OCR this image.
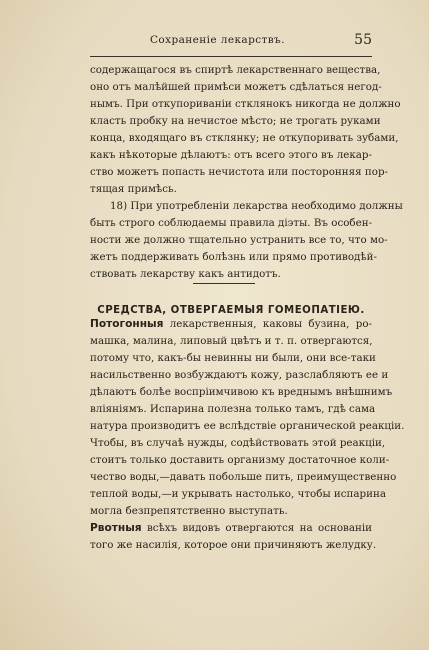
Сохраненіе лекарствъ.	55
содержащагося въ спиртѣ лекарственнаго вещества,
оно отъ малѣйшей примѣси можетъ сдѣлаться негод-
нымъ. При откупориваніи стклянокъ никогда не должно
класть пробку на нечистое мѣсто; не трогать руками
конца, входящаго въ стклянку; не откупоривать зубами,
какъ нѣкоторые дѣлаютъ: отъ всего этого въ лекар-
ство можетъ попасть нечистота или посторонняя пор-
тящая примѣсь.
18) При употребленіи лекарства необходимо должны
быть строго соблюдаемы правила діэты. Въ особен-
ности же должно тщательно устранить все то, что мо-
жетъ поддерживать болѣзнь или прямо противодѣй-
ствовать лекарству какъ антидотъ.
СРЕДСТВА, ОТВЕРГАЕМЫЯ ГОМЕОПАТІЕЮ.
Потогонныя лекарственныя, каковы бузина, ро-
машка, малина, липовый цвѣтъ и т. п. отвергаются,
потому что, какъ-бы невинны ни были, они все-таки
насильственно возбуждаютъ кожу, разслабляютъ ее и
дѣлаютъ болѣе воспріимчивою къ вреднымъ внѣшнимъ
вліяніямъ. Испарина полезна только тамъ, гдѣ сама
натура производитъ ее вслѣдствіе органической реакціи.
Чтобы, въ случаѣ нужды, содѣйствовать этой реакціи,
стоитъ только доставить организму достаточное коли-
чество воды,—давать побольше пить, преимущественно
теплой воды,—и укрывать настолько, чтобы испарина
могла безпрепятственно выступать.
Рвотныя всѣхъ видовъ отвергаются на основаніи
того же насилія, которое они причиняютъ желудку.
